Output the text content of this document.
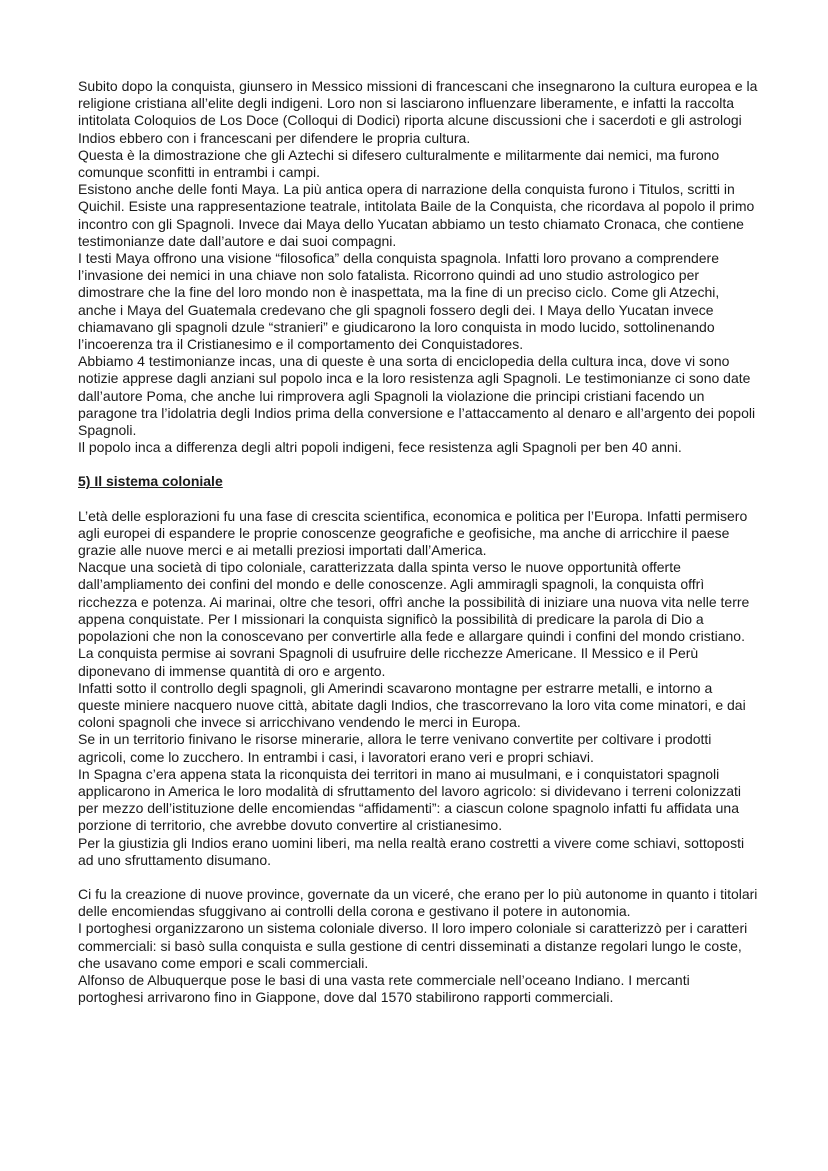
Subito dopo la conquista, giunsero in Messico missioni di francescani che insegnarono la cultura europea e la religione cristiana all’elite degli indigeni. Loro non si lasciarono influenzare liberamente, e infatti la raccolta intitolata Coloquios de Los Doce (Colloqui di Dodici) riporta alcune discussioni che i sacerdoti e gli astrologi Indios ebbero con i francescani per difendere le propria cultura.

Questa è la dimostrazione che gli Aztechi si difesero culturalmente e militarmente dai nemici, ma furono comunque sconfitti in entrambi i campi.

Esistono anche delle fonti Maya. La più antica opera di narrazione della conquista furono i Titulos, scritti in Quichil. Esiste una rappresentazione teatrale, intitolata Baile de la Conquista, che ricordava al popolo il primo incontro con gli Spagnoli. Invece dai Maya dello Yucatan abbiamo un testo chiamato Cronaca, che contiene testimonianze date dall’autore e dai suoi compagni.

I testi Maya offrono una visione “filosofica” della conquista spagnola. Infatti loro provano a comprendere l’invasione dei nemici in una chiave non solo fatalista. Ricorrono quindi ad uno studio astrologico per dimostrare che la fine del loro mondo non è inaspettata, ma la fine di un preciso ciclo. Come gli Atzechi, anche i Maya del Guatemala credevano che gli spagnoli fossero degli dei. I Maya dello Yucatan invece chiamavano gli spagnoli dzule “stranieri” e giudicarono la loro conquista in modo lucido, sottolinenando l’incoerenza tra il Cristianesimo e il comportamento dei Conquistadores.

Abbiamo 4 testimonianze incas, una di queste è una sorta di enciclopedia della cultura inca, dove vi sono notizie apprese dagli anziani sul popolo inca e la loro resistenza agli Spagnoli. Le testimonianze ci sono date dall’autore Poma, che anche lui rimprovera agli Spagnoli la violazione die principi cristiani facendo un paragone tra l’idolatria degli Indios prima della conversione e l’attaccamento al denaro e all’argento dei popoli Spagnoli.

Il popolo inca a differenza degli altri popoli indigeni, fece resistenza agli Spagnoli per ben 40 anni.

5) Il sistema coloniale

L’età delle esplorazioni fu una fase di crescita scientifica, economica e politica per l’Europa. Infatti permisero agli europei di espandere le proprie conoscenze geografiche e geofisiche, ma anche di arricchire il paese grazie alle nuove merci e ai metalli preziosi importati dall’America.

Nacque una società di tipo coloniale, caratterizzata dalla spinta verso le nuove opportunità offerte dall’ampliamento dei confini del mondo e delle conoscenze. Agli ammiragli spagnoli, la conquista offrì ricchezza e potenza. Ai marinai, oltre che tesori, offrì anche la possibilità di iniziare una nuova vita nelle terre appena conquistate. Per I missionari la conquista significò la possibilità di predicare la parola di Dio a popolazioni che non la conoscevano per convertirle alla fede e allargare quindi i confini del mondo cristiano.

La conquista permise ai sovrani Spagnoli di usufruire delle ricchezze Americane. Il Messico e il Perù diponevano di immense quantità di oro e argento.

Infatti sotto il controllo degli spagnoli, gli Amerindi scavarono montagne per estrarre metalli, e intorno a queste miniere nacquero nuove città, abitate dagli Indios, che trascorrevano la loro vita come minatori, e dai coloni spagnoli che invece si arricchivano vendendo le merci in Europa.

Se in un territorio finivano le risorse minerarie, allora le terre venivano convertite per coltivare i prodotti agricoli, come lo zucchero. In entrambi i casi, i lavoratori erano veri e propri schiavi.

In Spagna c’era appena stata la riconquista dei territori in mano ai musulmani, e i conquistatori spagnoli applicarono in America le loro modalità di sfruttamento del lavoro agricolo: si dividevano i terreni colonizzati per mezzo dell’istituzione delle encomiendas “affidamenti”: a ciascun colone spagnolo infatti fu affidata una porzione di territorio, che avrebbe dovuto convertire al cristianesimo.

Per la giustizia gli Indios erano uomini liberi, ma nella realtà erano costretti a vivere come schiavi, sottoposti ad uno sfruttamento disumano.

Ci fu la creazione di nuove province, governate da un viceré, che erano per lo più autonome in quanto i titolari delle encomiendas sfuggivano ai controlli della corona e gestivano il potere in autonomia.

I portoghesi organizzarono un sistema coloniale diverso. Il loro impero coloniale si caratterizzò per i caratteri commerciali: si basò sulla conquista e sulla gestione di centri disseminati a distanze regolari lungo le coste, che usavano come empori e scali commerciali.

Alfonso de Albuquerque pose le basi di una vasta rete commerciale nell’oceano Indiano. I mercanti portoghesi arrivarono fino in Giappone, dove dal 1570 stabilirono rapporti commerciali.
